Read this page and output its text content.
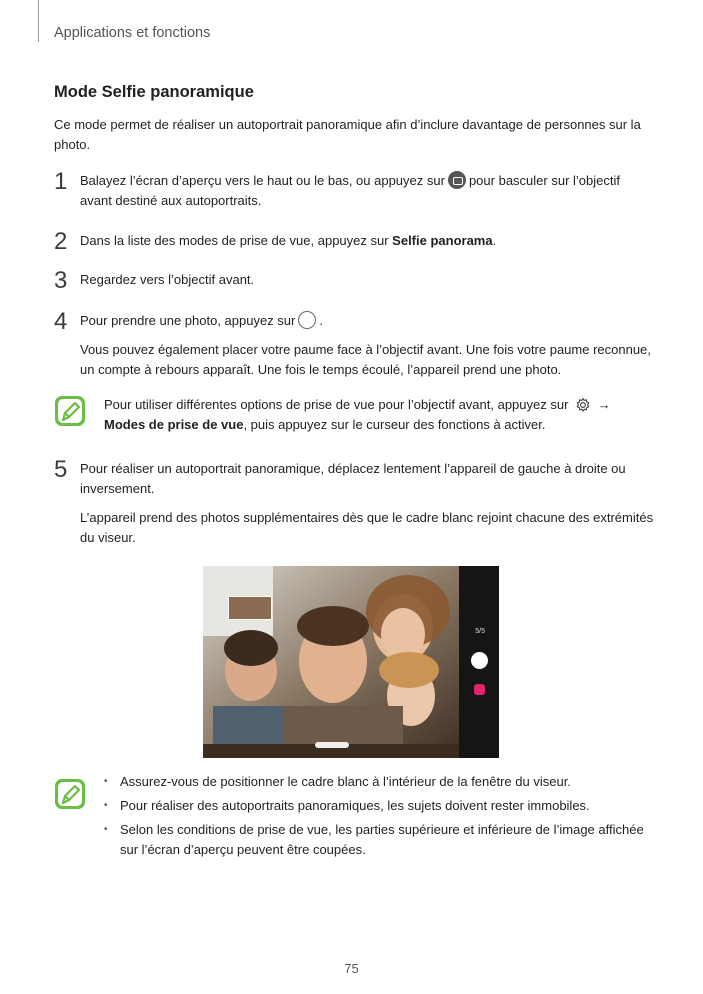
Applications et fonctions
Mode Selfie panoramique
Ce mode permet de réaliser un autoportrait panoramique afin d’inclure davantage de personnes sur la photo.
1 Balayez l’écran d’aperçu vers le haut ou le bas, ou appuyez sur pour basculer sur l’objectif avant destiné aux autoportraits.
2 Dans la liste des modes de prise de vue, appuyez sur Selfie panorama.
3 Regardez vers l’objectif avant.
4 Pour prendre une photo, appuyez sur .
Vous pouvez également placer votre paume face à l’objectif avant. Une fois votre paume reconnue, un compte à rebours apparaît. Une fois le temps écoulé, l’appareil prend une photo.
Pour utiliser différentes options de prise de vue pour l’objectif avant, appuyez sur →
Modes de prise de vue, puis appuyez sur le curseur des fonctions à activer.
5 Pour réaliser un autoportrait panoramique, déplacez lentement l’appareil de gauche à droite ou inversement.
L’appareil prend des photos supplémentaires dès que le cadre blanc rejoint chacune des extrémités du viseur.
5/5
• Assurez-vous de positionner le cadre blanc à l’intérieur de la fenêtre du viseur.
• Pour réaliser des autoportraits panoramiques, les sujets doivent rester immobiles.
• Selon les conditions de prise de vue, les parties supérieure et inférieure de l’image affichée sur l’écran d’aperçu peuvent être coupées.
75
